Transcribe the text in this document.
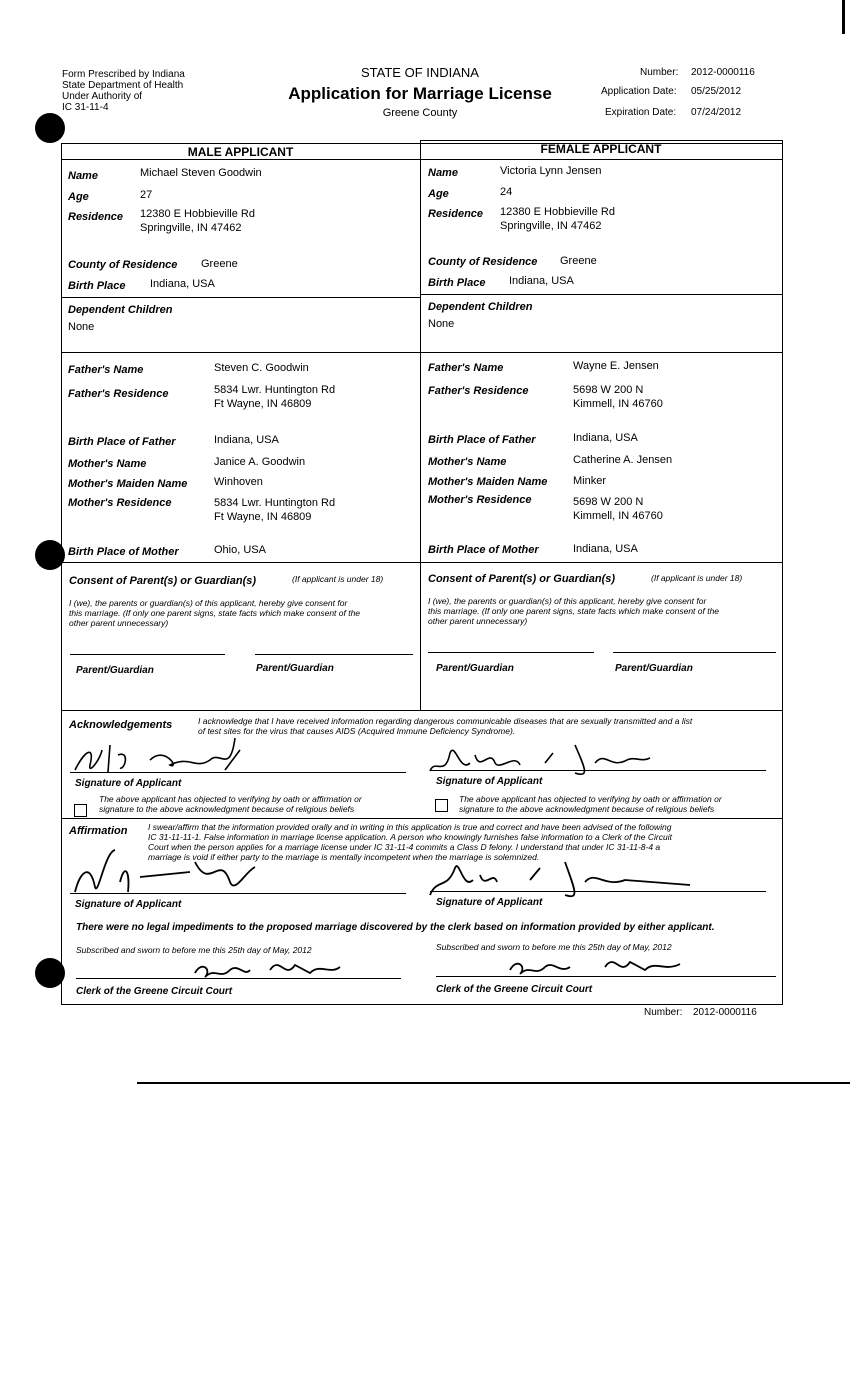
Form Prescribed by Indiana
State Department of Health
Under Authority of
IC 31-11-4
STATE OF INDIANA
Application for Marriage License
Greene County
Number: 2012-0000116
Application Date: 05/25/2012
Expiration Date: 07/24/2012
MALE APPLICANT	FEMALE APPLICANT
Name	Michael Steven Goodwin
Age	27
Residence 12380 E Hobbieville Rd
Springville, IN 47462
County of Residence Greene
Birth Place Indiana, USA
Dependent Children
None
Father's Name	Steven C. Goodwin
Father's Residence	5834 Lwr. Huntington Rd
Ft Wayne, IN 46809
Birth Place of Father	Indiana, USA
Mother's Name	Janice A. Goodwin
Mother's Maiden Name Winhoven
Mother's Residence	5834 Lwr. Huntington Rd
Ft Wayne, IN 46809
Birth Place of Mother	Ohio, USA
Name	Victoria Lynn Jensen
Age	24
Residence 12380 E Hobbieville Rd
Springville, IN 47462
County of Residence Greene
Birth Place Indiana, USA
Dependent Children
None
Father's Name	Wayne E. Jensen
Father's Residence	5698 W 200 N
Kimmell, IN 46760
Birth Place of Father	Indiana, USA
Mother's Name	Catherine A. Jensen
Mother's Maiden Name Minker
Mother's Residence	5698 W 200 N
Kimmell, IN 46760
Birth Place of Mother	Indiana, USA
Consent of Parent(s) or Guardian(s)	(If applicant is under 18)
I (we), the parents or guardian(s) of this applicant, hereby give consent for
this marriage. (If only one parent signs, state facts which make consent of the
other parent unnecessary)
Parent/Guardian	Parent/Guardian
Consent of Parent(s) or Guardian(s)	(If applicant is under 18)
I (we), the parents or guardian(s) of this applicant, hereby give consent for
this marriage. (If only one parent signs, state facts which make consent of the
other parent unnecessary)
Parent/Guardian	Parent/Guardian
Acknowledgements	I acknowledge that I have received information regarding dangerous communicable diseases that are sexually transmitted and a list
of test sites for the virus that causes AIDS (Acquired Immune Deficiency Syndrome).
Signature of Applicant
The above applicant has objected to verifying by oath or affirmation or
signature to the above acknowledgment because of religious beliefs
Signature of Applicant
The above applicant has objected to verifying by oath or affirmation or
signature to the above acknowledgment because of religious beliefs
Affirmation I swear/affirm that the information provided orally and in writing in this application is true and correct and have been advised of the following
IC 31-11-11-1. False information in marriage license application. A person who knowingly furnishes false information to a Clerk of the Circuit
Court when the person applies for a marriage license under IC 31-11-4 commits a Class D felony. I understand that under IC 31-11-8-4 a
marriage is void if either party to the marriage is mentally incompetent when the marriage is solemnized.
Signature of Applicant	Signature of Applicant
There were no legal impediments to the proposed marriage discovered by the clerk based on information provided by either applicant.
Subscribed and sworn to before me this 25th day of May, 2012
Clerk of the Greene Circuit Court
Subscribed and sworn to before me this 25th day of May, 2012
Clerk of the Greene Circuit Court
Number: 2012-0000116
